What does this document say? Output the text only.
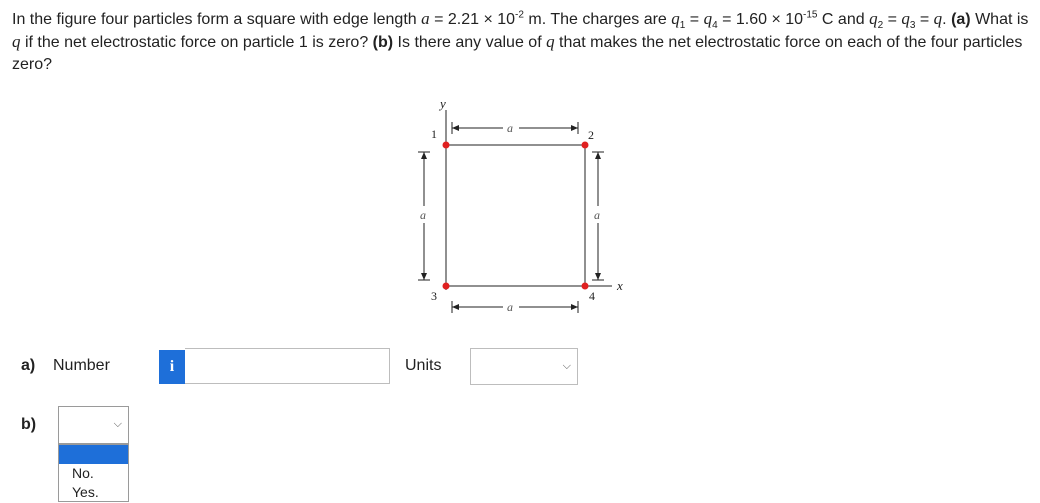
In the figure four particles form a square with edge length $a = 2.21 \times 10^{-2}$ m. The charges are $q_1 = q_4 = 1.60 \times 10^{-15}$ C and $q_2 = q_3 = q$. (a) What is q if the net electrostatic force on particle 1 is zero? (b) Is there any value of q that makes the net electrostatic force on each of the four particles zero?

y
x
a
a
a	a
1	2
3	4
a) Number	i	Units	⌵
b)	⌵
No.
Yes.
